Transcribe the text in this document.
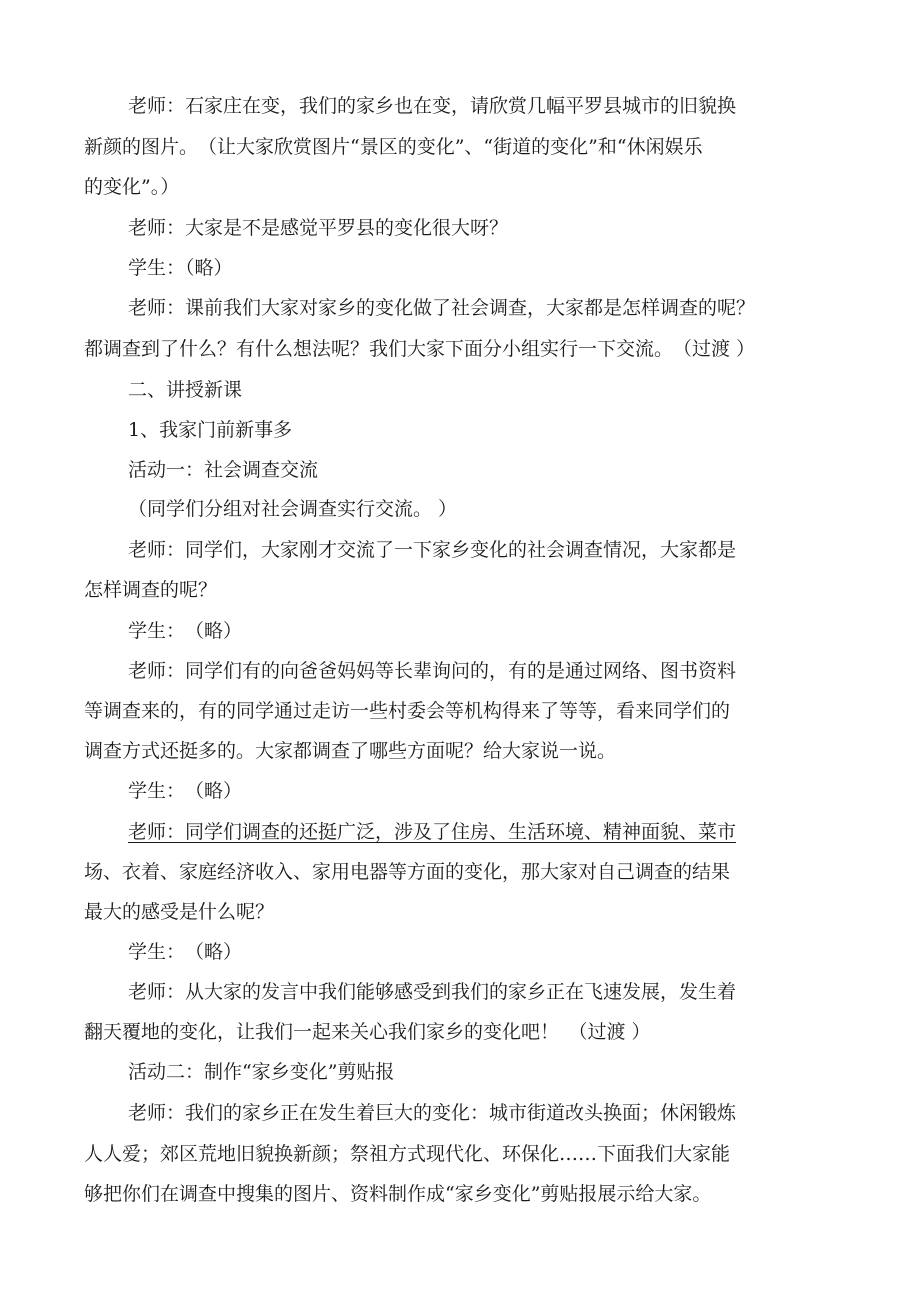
老师：石家庄在变，我们的家乡也在变，请欣赏几幅平罗县城市的旧貌换
新颜的图片。　（让大家欣赏图片“景区的变化”、“街道的变化”和“休闲娱乐
的变化”。）
老师：大家是不是感觉平罗县的变化很大呀？
学生：（略）
老师：课前我们大家对家乡的变化做了社会调查，大家都是怎样调查的呢？
都调查到了什么？有什么想法呢？我们大家下面分小组实行一下交流。　（过渡 ）
二、讲授新课
1、我家门前新事多
活动一：社会调查交流
（同学们分组对社会调查实行交流。 ）
老师：同学们，大家刚才交流了一下家乡变化的社会调查情况，大家都是
怎样调查的呢？
学生：　（略）
老师：同学们有的向爸爸妈妈等长辈询问的，有的是通过网络、图书资料
等调查来的，有的同学通过走访一些村委会等机构得来了等等，看来同学们的
调查方式还挺多的。大家都调查了哪些方面呢？给大家说一说。
学生：　（略）
老师：同学们调查的还挺广泛，涉及了住房、生活环境、精神面貌、菜市
场、衣着、家庭经济收入、家用电器等方面的变化，那大家对自己调查的结果
最大的感受是什么呢？
学生：　（略）
老师：从大家的发言中我们能够感受到我们的家乡正在飞速发展，发生着
翻天覆地的变化，让我们一起来关心我们家乡的变化吧！　（过渡 ）
活动二：制作“家乡变化”剪贴报
老师：我们的家乡正在发生着巨大的变化：城市街道改头换面；休闲锻炼
人人爱；郊区荒地旧貌换新颜；祭祖方式现代化、环保化……下面我们大家能
够把你们在调查中搜集的图片、资料制作成“家乡变化”剪贴报展示给大家。
